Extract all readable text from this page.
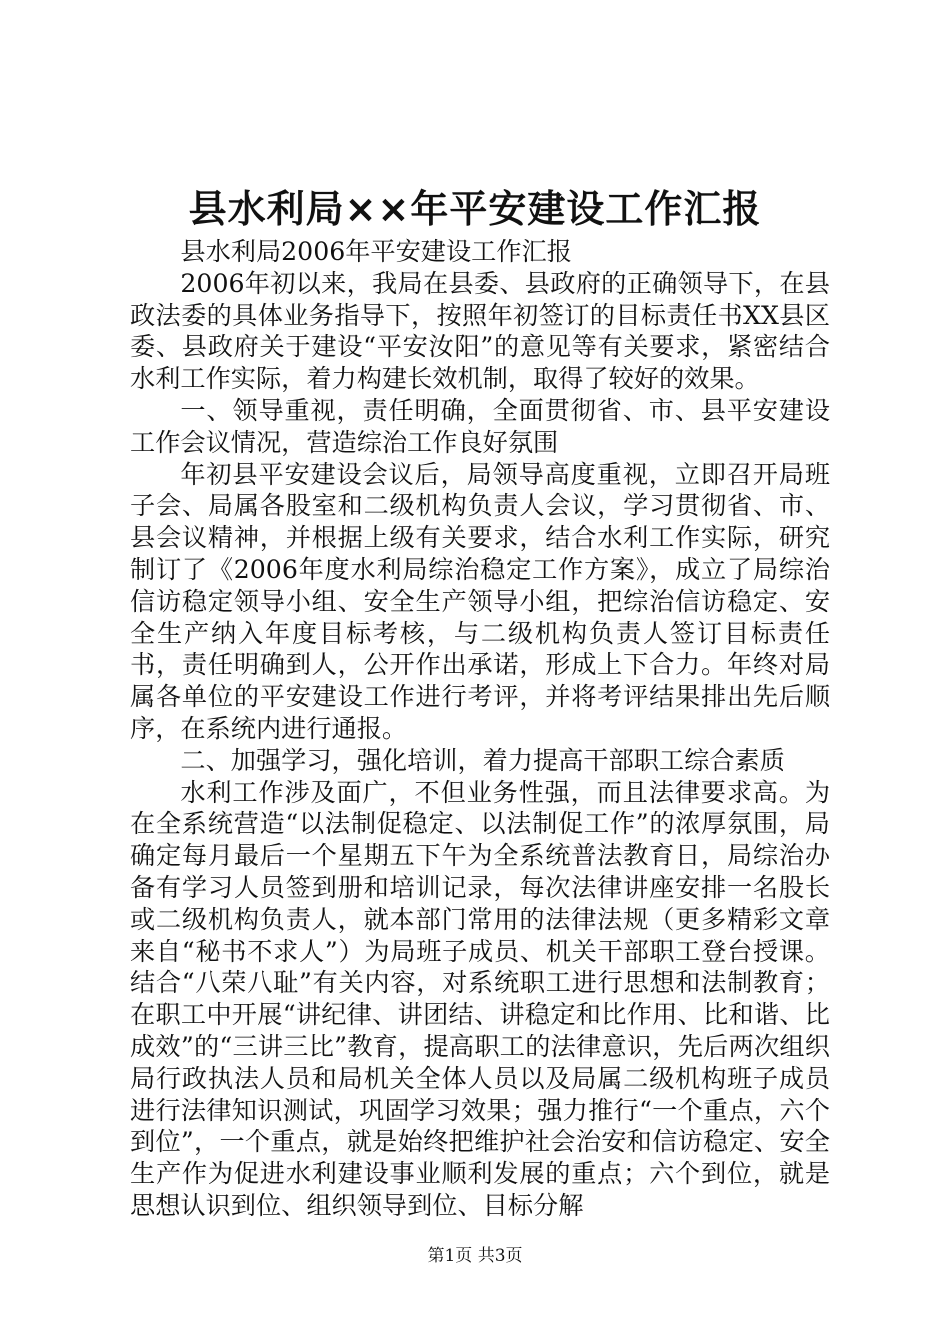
县水利局××年平安建设工作汇报

县水利局2006年平安建设工作汇报

2006年初以来，我局在县委、县政府的正确领导下，在县政法委的具体业务指导下，按照年初签订的目标责任书XX县区委、县政府关于建设“平安汝阳”的意见等有关要求，紧密结合水利工作实际，着力构建长效机制，取得了较好的效果。

一、领导重视，责任明确，全面贯彻省、市、县平安建设工作会议情况，营造综治工作良好氛围

年初县平安建设会议后，局领导高度重视，立即召开局班子会、局属各股室和二级机构负责人会议，学习贯彻省、市、县会议精神，并根据上级有关要求，结合水利工作实际，研究制订了《2006年度水利局综治稳定工作方案》，成立了局综治信访稳定领导小组、安全生产领导小组，把综治信访稳定、安全生产纳入年度目标考核，与二级机构负责人签订目标责任书，责任明确到人，公开作出承诺，形成上下合力。年终对局属各单位的平安建设工作进行考评，并将考评结果排出先后顺序，在系统内进行通报。

二、加强学习，强化培训，着力提高干部职工综合素质

水利工作涉及面广，不但业务性强，而且法律要求高。为在全系统营造“以法制促稳定、以法制促工作”的浓厚氛围，局确定每月最后一个星期五下午为全系统普法教育日，局综治办备有学习人员签到册和培训记录，每次法律讲座安排一名股长或二级机构负责人，就本部门常用的法律法规（更多精彩文章来自“秘书不求人”）为局班子成员、机关干部职工登台授课。结合“八荣八耻”有关内容，对系统职工进行思想和法制教育；在职工中开展“讲纪律、讲团结、讲稳定和比作用、比和谐、比成效”的“三讲三比”教育，提高职工的法律意识，先后两次组织局行政执法人员和局机关全体人员以及局属二级机构班子成员进行法律知识测试，巩固学习效果；强力推行“一个重点，六个到位”，一个重点，就是始终把维护社会治安和信访稳定、安全生产作为促进水利建设事业顺利发展的重点；六个到位，就是思想认识到位、组织领导到位、目标分解

第1页 共3页
